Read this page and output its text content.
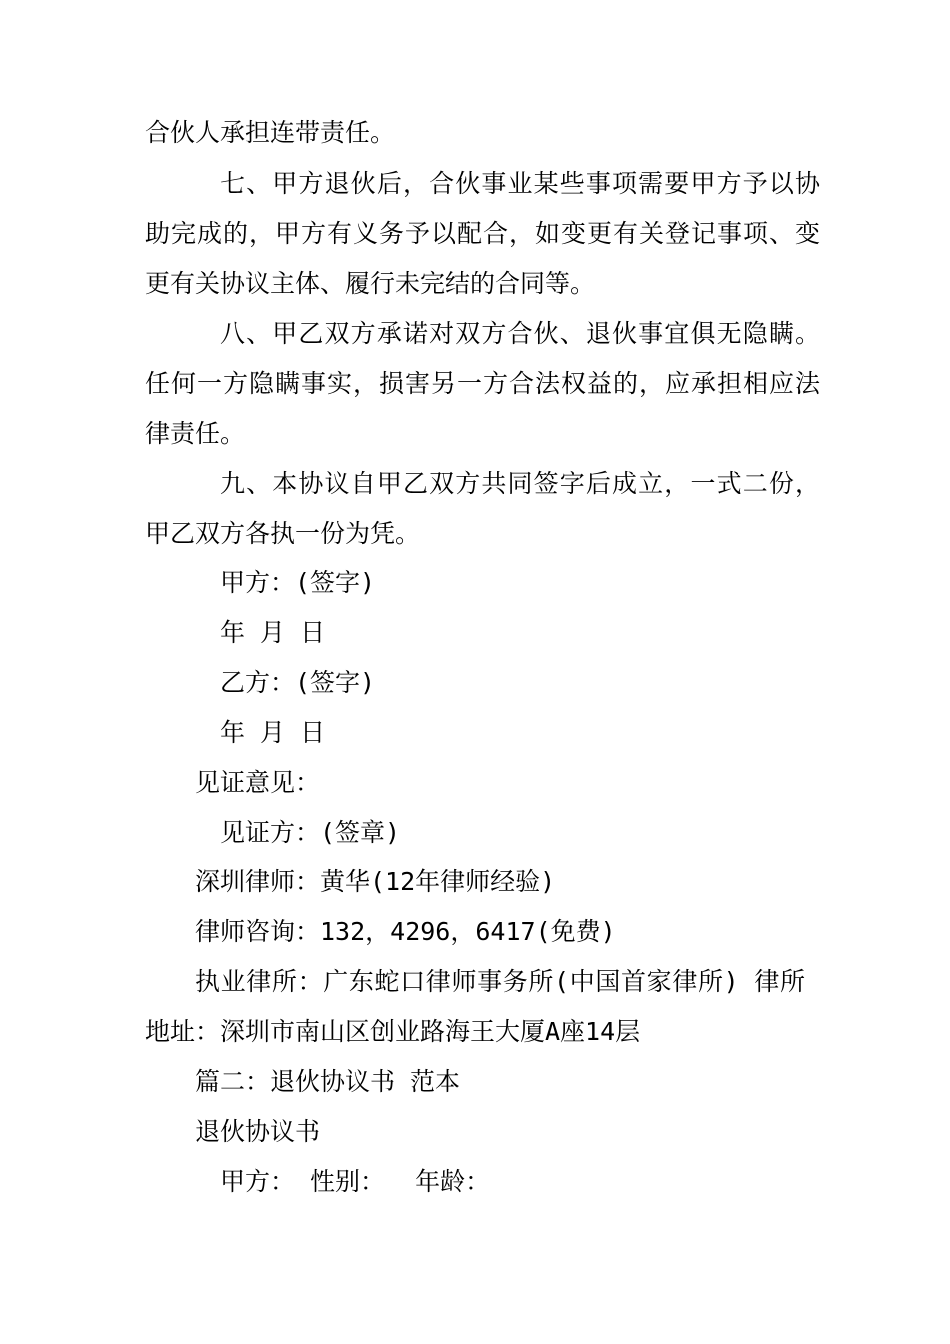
合伙人承担连带责任。
七、甲方退伙后，合伙事业某些事项需要甲方予以协
助完成的，甲方有义务予以配合，如变更有关登记事项、变
更有关协议主体、履行未完结的合同等。
八、甲乙双方承诺对双方合伙、退伙事宜俱无隐瞒。
任何一方隐瞒事实，损害另一方合法权益的，应承担相应法
律责任。
九、本协议自甲乙双方共同签字后成立，一式二份，
甲乙双方各执一份为凭。
甲方：(签字)
年 月 日
乙方：(签字)
年 月 日
见证意见：
见证方：(签章)
深圳律师：黄华(12年律师经验)
律师咨询：132，4296，6417(免费)
执业律所：广东蛇口律师事务所(中国首家律所) 律所
地址：深圳市南山区创业路海王大厦A座14层
篇二：退伙协议书 范本
退伙协议书
甲方： 性别：  年龄：
